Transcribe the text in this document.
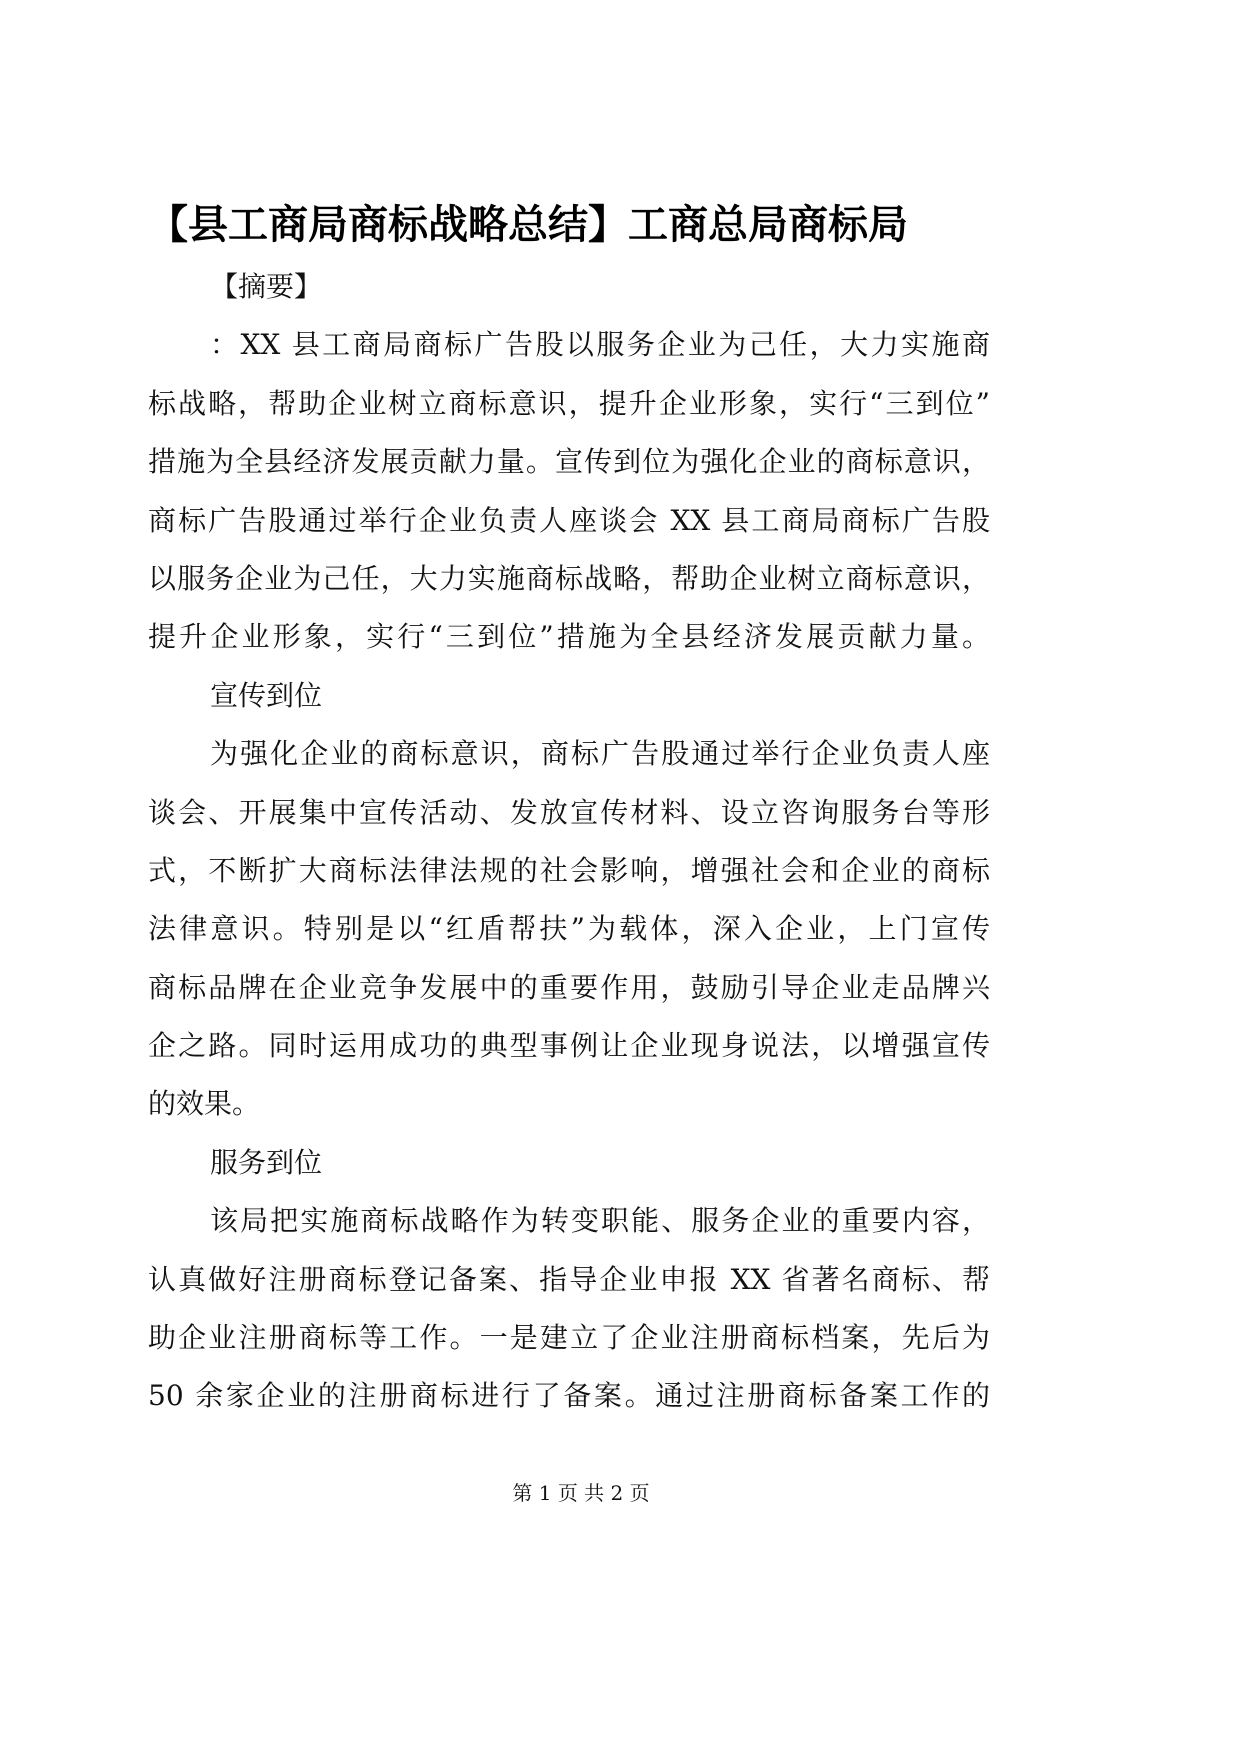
【县工商局商标战略总结】工商总局商标局
【摘要】
：XX 县工商局商标广告股以服务企业为己任，大力实施商
标战略，帮助企业树立商标意识，提升企业形象，实行“三到位”
措施为全县经济发展贡献力量。宣传到位为强化企业的商标意识，
商标广告股通过举行企业负责人座谈会 XX 县工商局商标广告股
以服务企业为己任，大力实施商标战略，帮助企业树立商标意识，
提升企业形象，实行“三到位”措施为全县经济发展贡献力量。
宣传到位
为强化企业的商标意识，商标广告股通过举行企业负责人座
谈会、开展集中宣传活动、发放宣传材料、设立咨询服务台等形
式，不断扩大商标法律法规的社会影响，增强社会和企业的商标
法律意识。特别是以“红盾帮扶”为载体，深入企业，上门宣传
商标品牌在企业竞争发展中的重要作用，鼓励引导企业走品牌兴
企之路。同时运用成功的典型事例让企业现身说法，以增强宣传
的效果。
服务到位
该局把实施商标战略作为转变职能、服务企业的重要内容，
认真做好注册商标登记备案、指导企业申报 XX 省著名商标、帮
助企业注册商标等工作。一是建立了企业注册商标档案，先后为
50 余家企业的注册商标进行了备案。通过注册商标备案工作的
第 1 页 共 2 页
